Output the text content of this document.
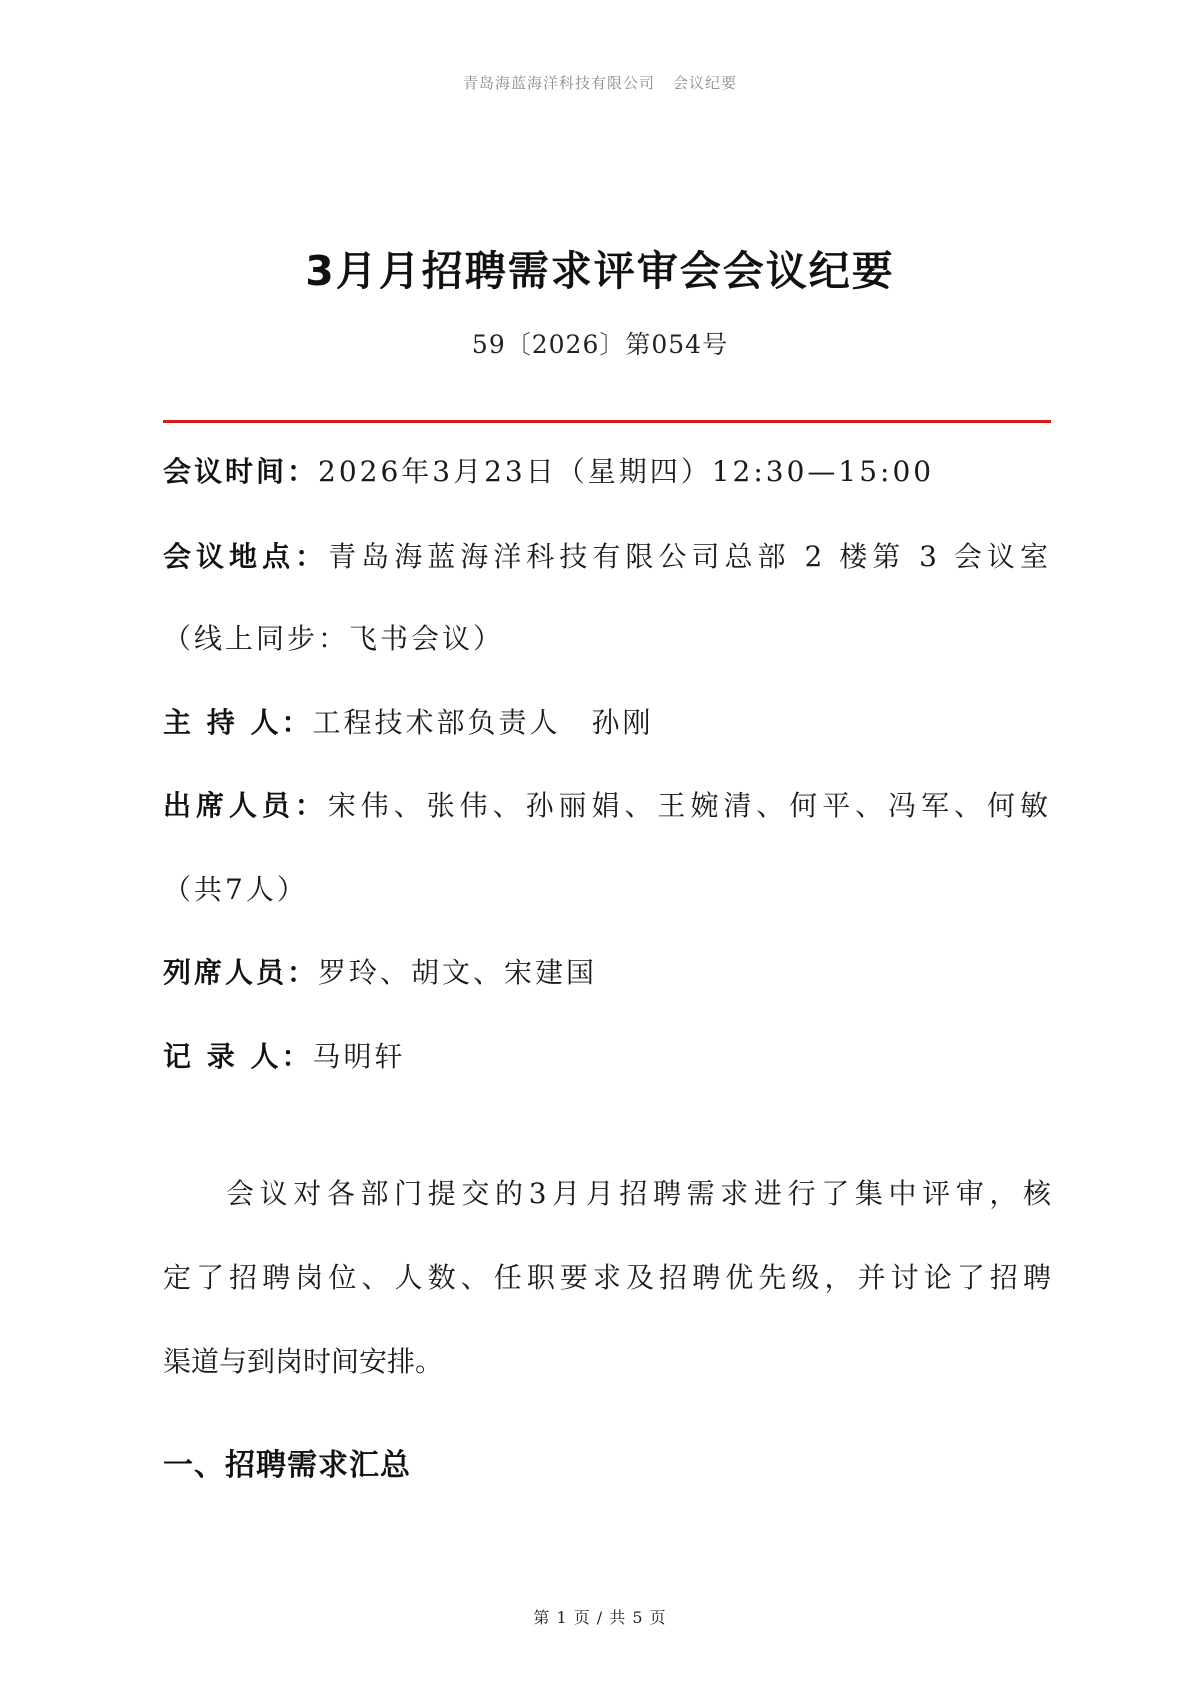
青岛海蓝海洋科技有限公司 会议纪要
3月月招聘需求评审会会议纪要
59〔2026〕第054号
会议时间：2026年3月23日（星期四）12:30—15:00
会议地点：青岛海蓝海洋科技有限公司总部 2 楼第 3 会议室
（线上同步：飞书会议）
主 持 人：工程技术部负责人　孙刚
出席人员：宋伟、张伟、孙丽娟、王婉清、何平、冯军、何敏
（共7人）
列席人员：罗玲、胡文、宋建国
记 录 人：马明轩
会议对各部门提交的3月月招聘需求进行了集中评审，核
定了招聘岗位、人数、任职要求及招聘优先级，并讨论了招聘
渠道与到岗时间安排。
一、招聘需求汇总
第 1 页 / 共 5 页
